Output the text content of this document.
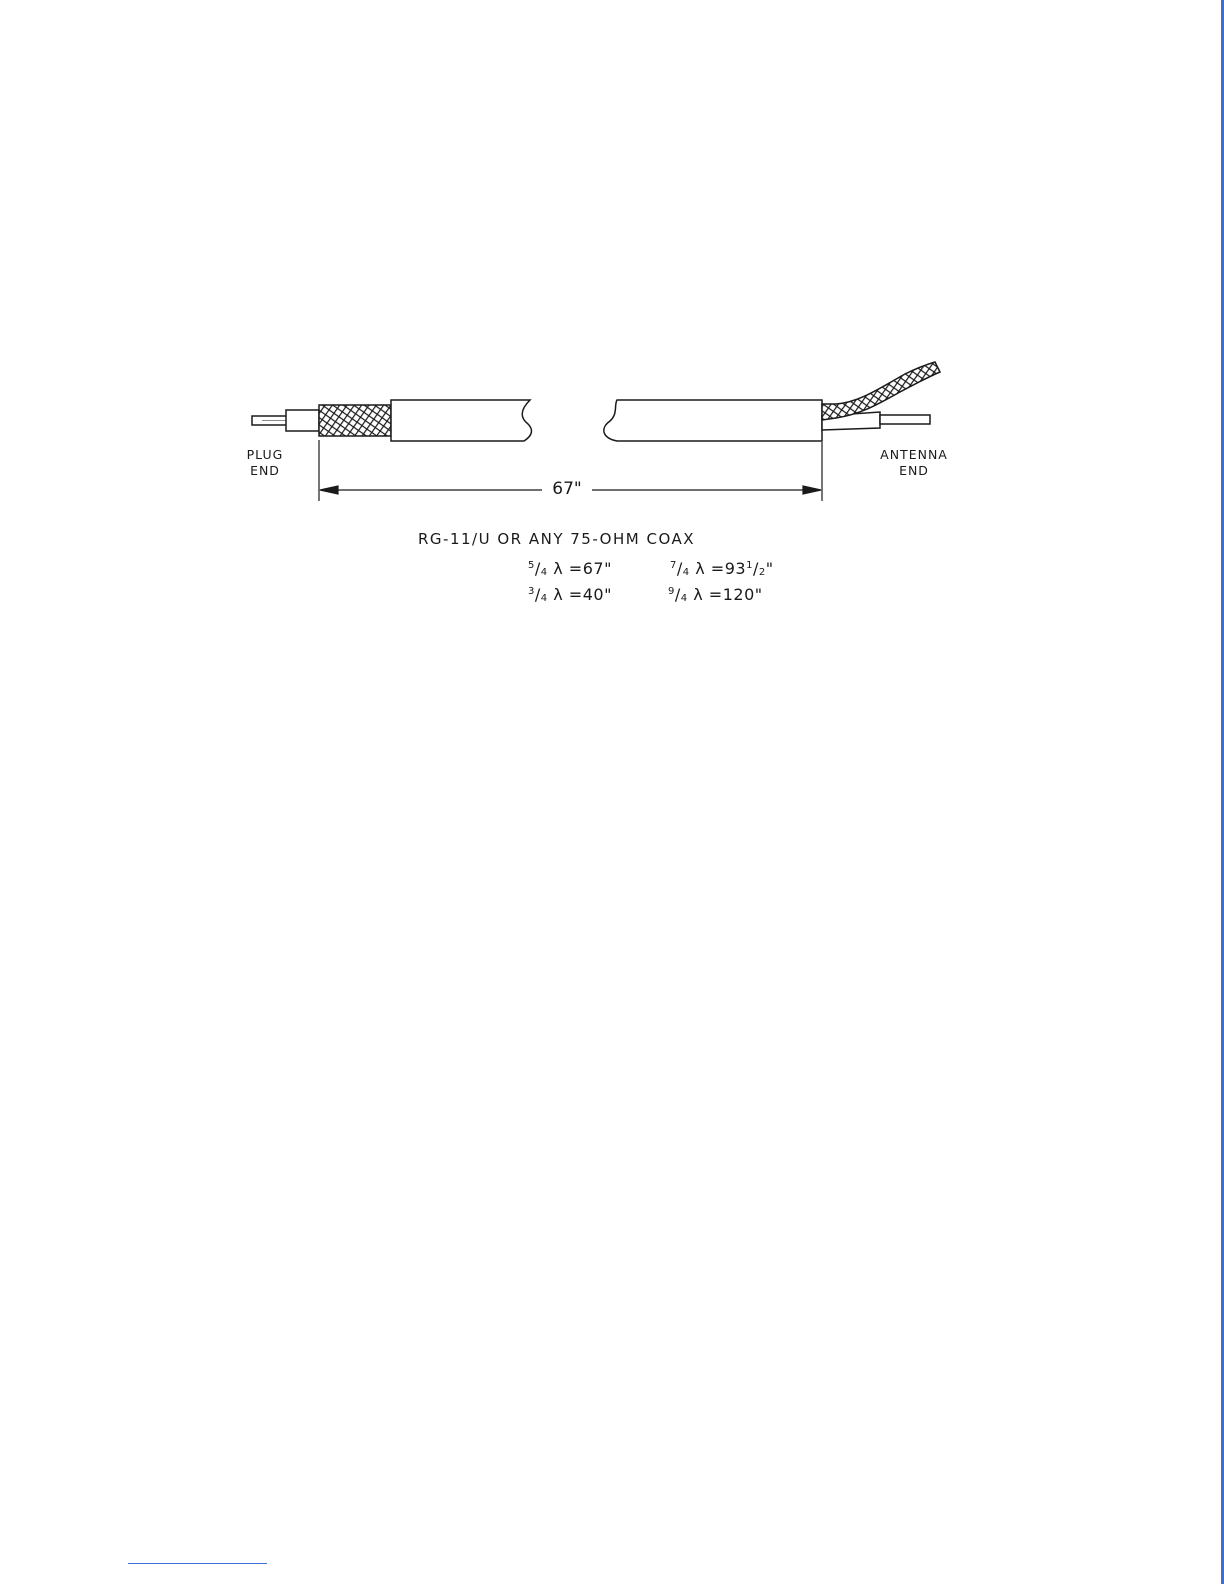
PLUG
END
ANTENNA
END
67"
RG-11/U OR ANY 75-OHM COAX
$^5/_4$ λ =67"	$^7/_4$ $\lambda =93^1/_2$"
$^3/_4$ λ =40"	$^9/_4$ λ =120"
